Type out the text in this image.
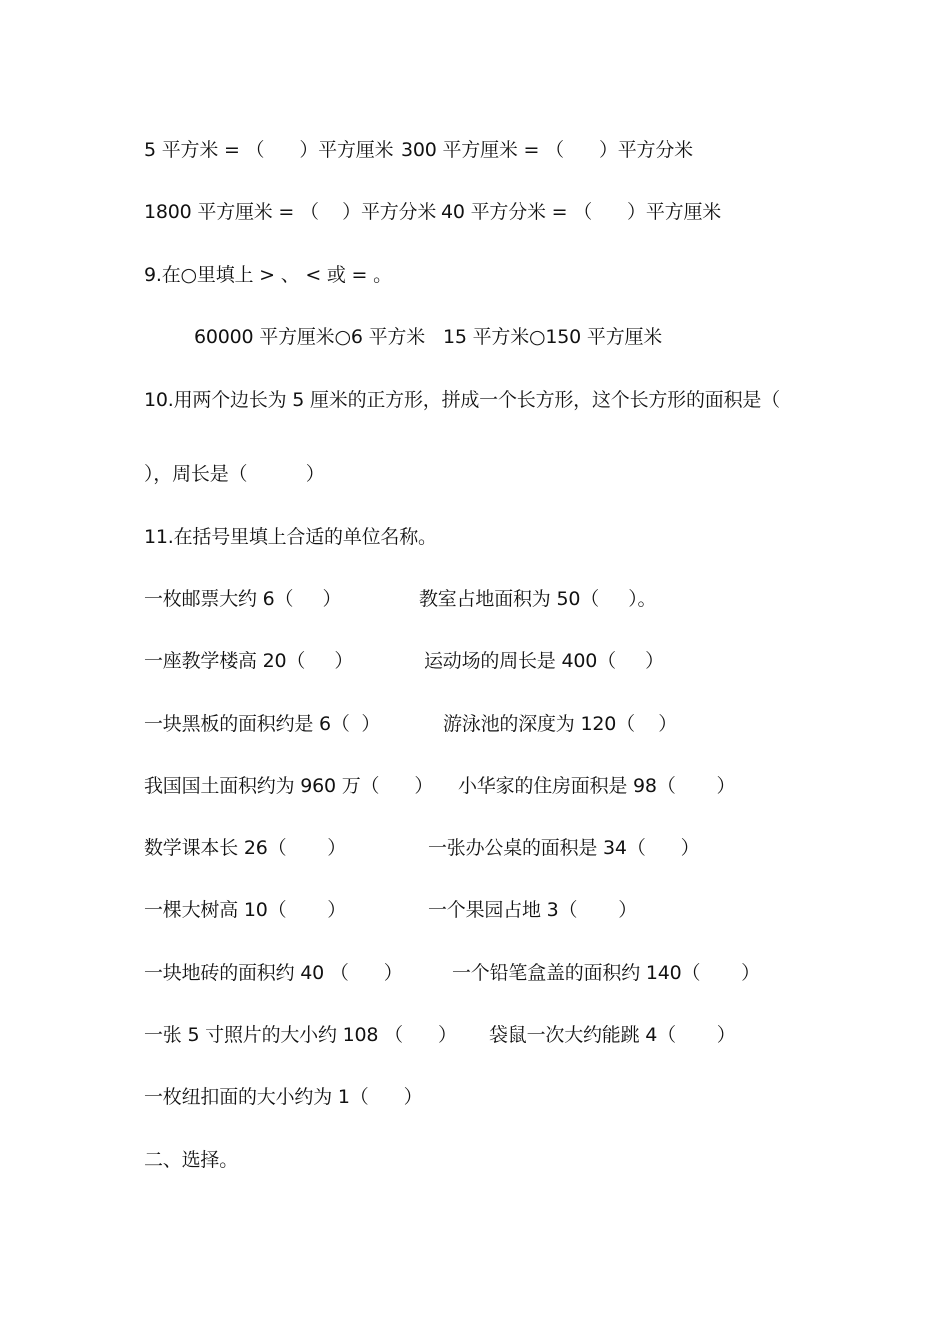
5 平方米 = （      ）平方厘米 300 平方厘米 = （      ）平方分米
1800 平方厘米 = （    ）平方分米 40 平方分米 = （      ）平方厘米
9.在○里填上 > 、 < 或 = 。
60000 平方厘米○6 平方米 15 平方米○150 平方厘米
10.用两个边长为 5 厘米的正方形，拼成一个长方形，这个长方形的面积是（
），周长是（          ）
11.在括号里填上合适的单位名称。
一枚邮票大约 6（     ）	教室占地面积为 50（     ）。
一座教学楼高 20（     ）	运动场的周长是 400（     ）
一块黑板的面积约是 6（  ）	游泳池的深度为 120（    ）
我国国土面积约为 960 万（      ） 小华家的住房面积是 98（       ）
数学课本长 26（       ）	一张办公桌的面积是 34（      ）
一棵大树高 10（       ）	一个果园占地 3（       ）
一块地砖的面积约 40 （      ）	一个铅笔盒盖的面积约 140（       ）
一张 5 寸照片的大小约 108 （      ） 袋鼠一次大约能跳 4（       ）
一枚纽扣面的大小约为 1（      ）
二、选择。
